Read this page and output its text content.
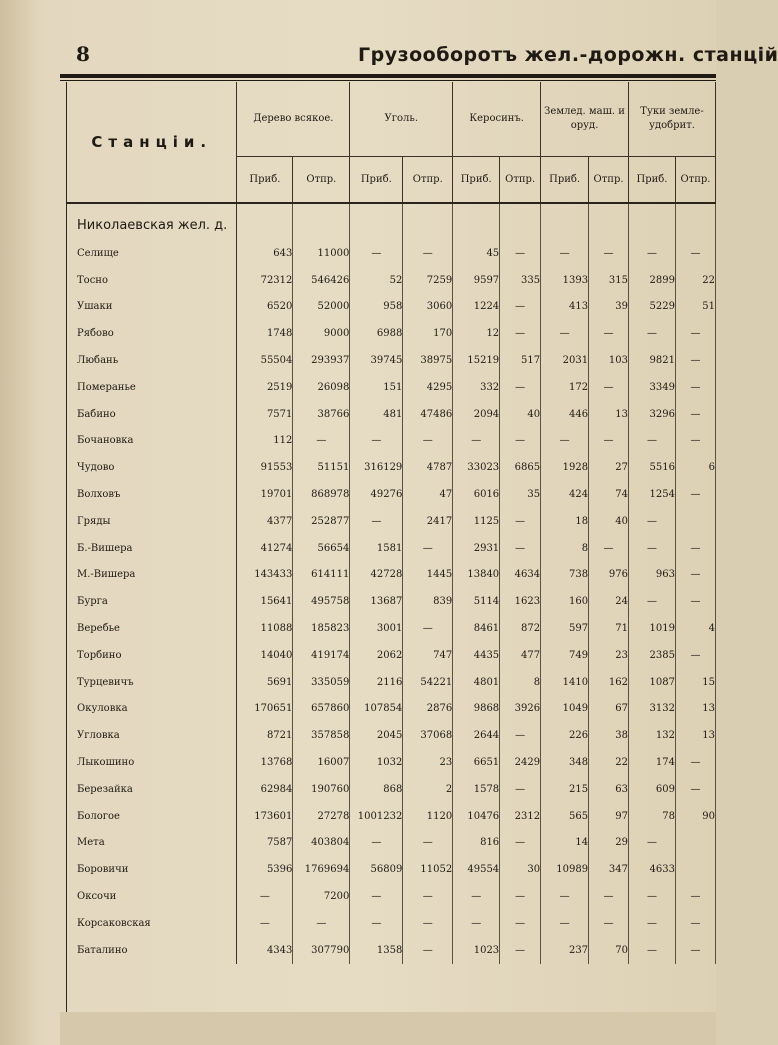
8	Грузооборотъ жел.-дорожн. станцій
Станціи.	Дерево всякое.		Уголь.		Керосинъ.		Землед. маш. и оруд.		Туки земле-удобрит.	
	Приб.	Отпр.	Приб.	Отпр.	Приб.	Отпр.	Приб.	Отпр.	Приб.	Отпр.

Николаевская жел. д.										
Селище	643	11000	—	—	45	—	—	—	—	—
Тосно	72312	546426	52	7259	9597	335	1393	315	2899	22
Ушаки	6520	52000	958	3060	1224	—	413	39	5229	51
Рябово	1748	9000	6988	170	12	—	—	—	—	—
Любань	55504	293937	39745	38975	15219	517	2031	103	9821	—
Померанье	2519	26098	151	4295	332	—	172	—	3349	—
Бабино	7571	38766	481	47486	2094	40	446	13	3296	—
Бочановка	112	—	—	—	—	—	—	—	—	—
Чудово	91553	51151	316129	4787	33023	6865	1928	27	5516	6
Волховъ	19701	868978	49276	47	6016	35	424	74	1254	—
Гряды	4377	252877	—	2417	1125	—	18	40	—	
Б.-Вишера	41274	56654	1581	—	2931	—	8	—	—	—
М.-Вишера	143433	614111	42728	1445	13840	4634	738	976	963	—
Бурга	15641	495758	13687	839	5114	1623	160	24	—	—
Веребье	11088	185823	3001	—	8461	872	597	71	1019	4
Торбино	14040	419174	2062	747	4435	477	749	23	2385	—
Турцевичъ	5691	335059	2116	54221	4801	8	1410	162	1087	15
Окуловка	170651	657860	107854	2876	9868	3926	1049	67	3132	13
Угловка	8721	357858	2045	37068	2644	—	226	38	132	13
Лыкошино	13768	16007	1032	23	6651	2429	348	22	174	—
Березайка	62984	190760	868	2	1578	—	215	63	609	—
Бологое	173601	27278	1001232	1120	10476	2312	565	97	78	90
Мета	7587	403804	—	—	816	—	14	29	—	
Боровичи	5396	1769694	56809	11052	49554	30	10989	347	4633	
Оксочи	—	7200	—	—	—	—	—	—	—	—
Корсаковская	—	—	—	—	—	—	—	—	—	—
Баталино	4343	307790	1358	—	1023	—	237	70	—	—
